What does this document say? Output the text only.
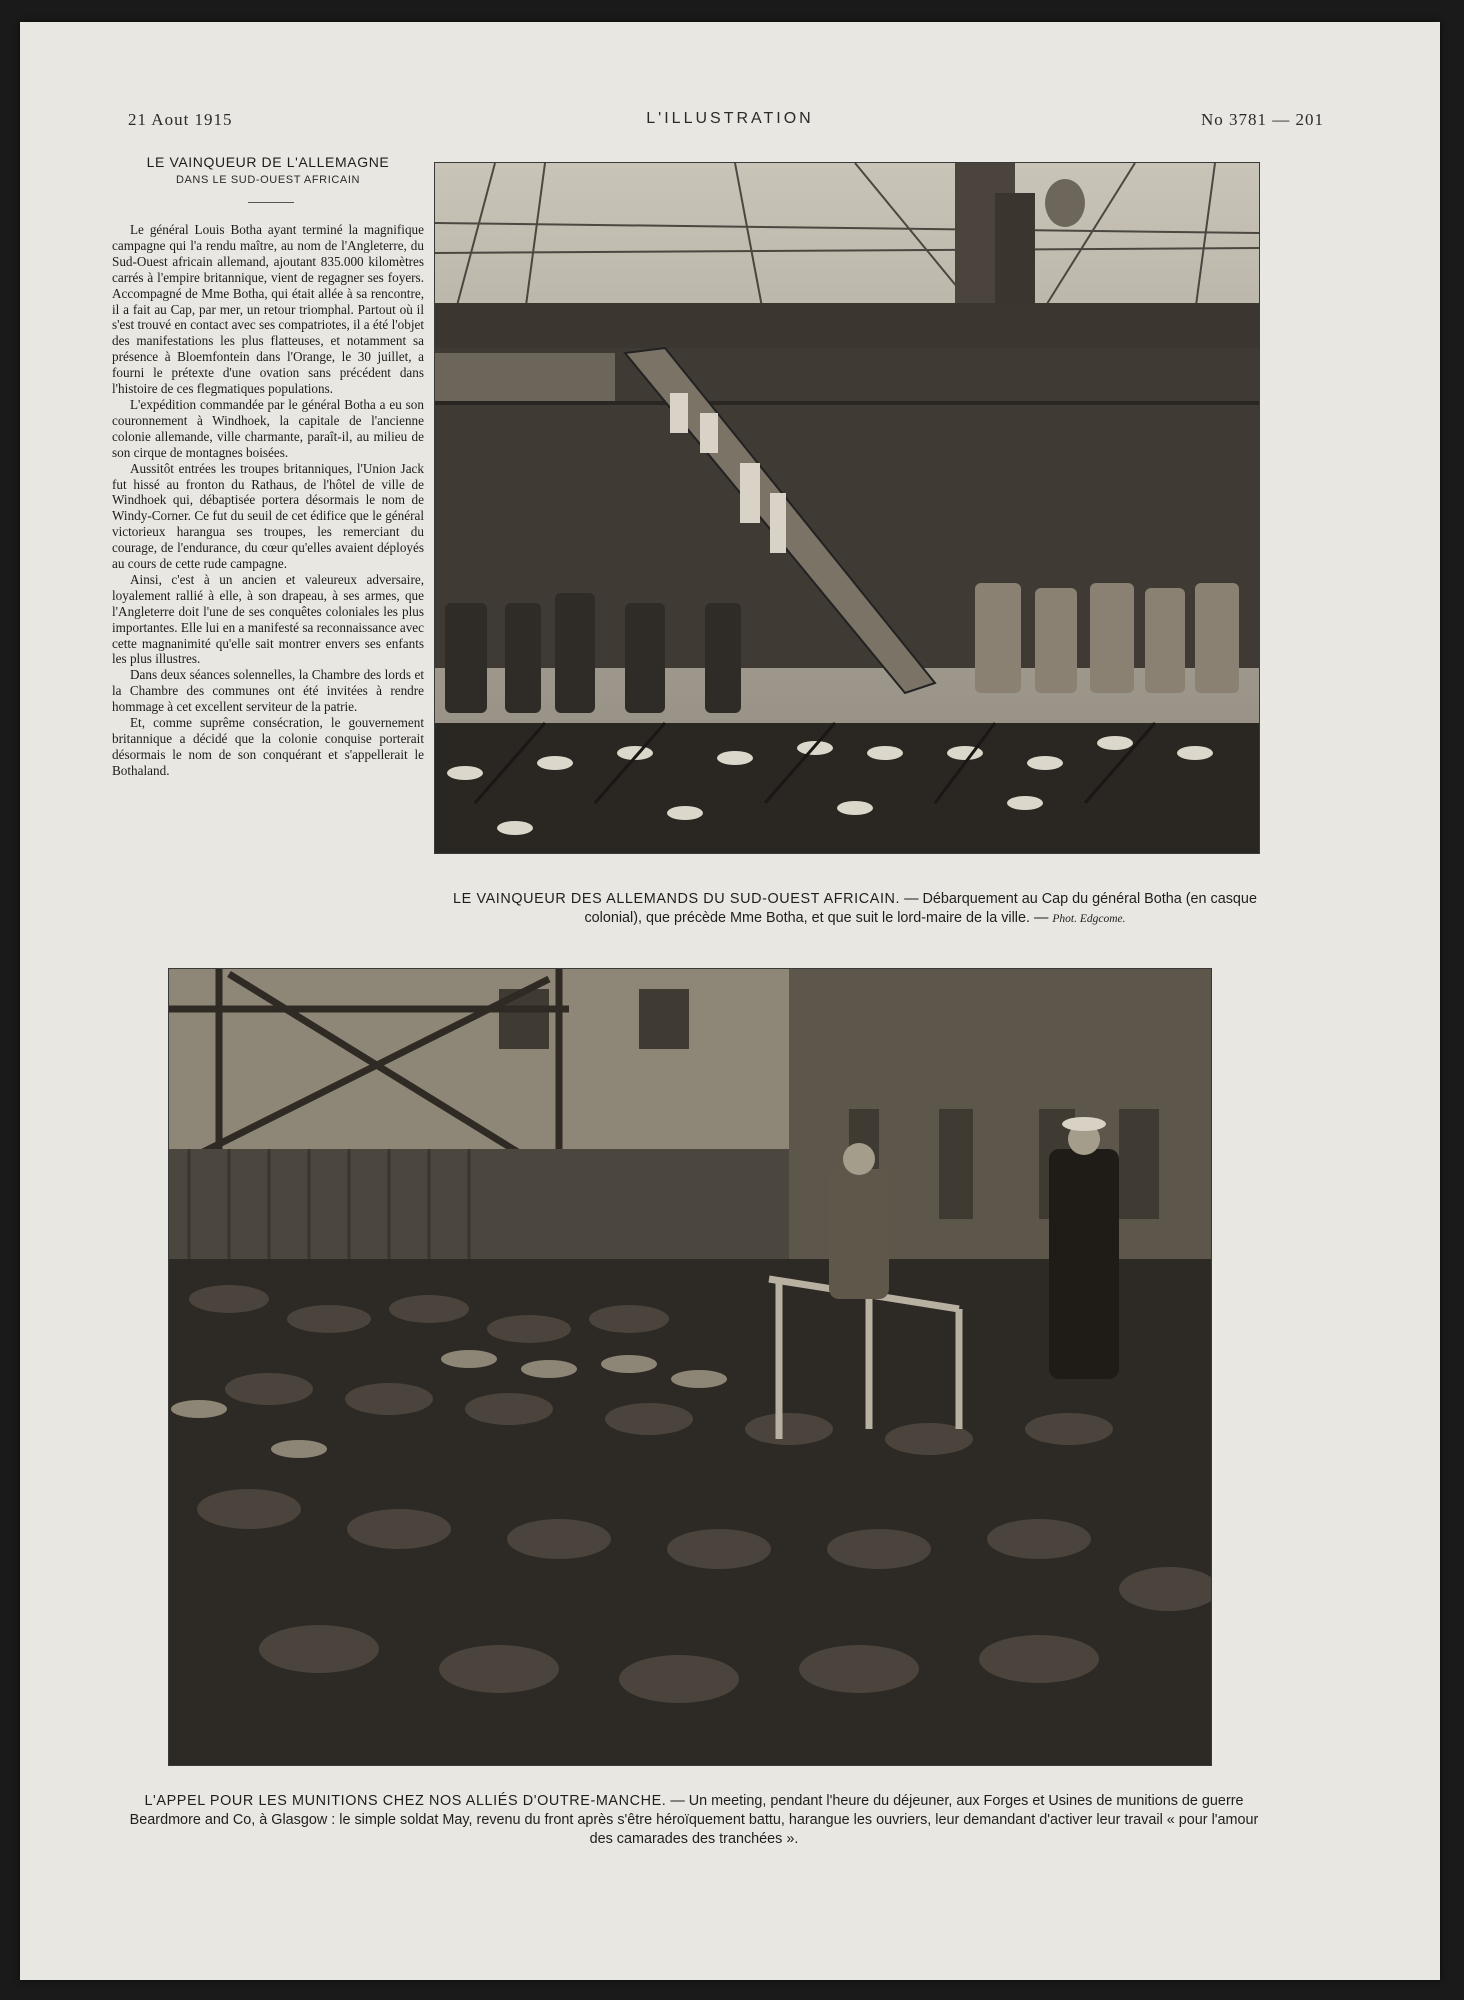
21 Aout 1915	L'ILLUSTRATION	No 3781 — 201
LE VAINQUEUR DE L'ALLEMAGNE
DANS LE SUD-OUEST AFRICAIN

Le général Louis Botha ayant terminé la magnifique campagne qui l'a rendu maître, au nom de l'Angleterre, du Sud-Ouest africain allemand, ajoutant 835.000 kilomètres carrés à l'empire britannique, vient de regagner ses foyers. Accompagné de Mme Botha, qui était allée à sa rencontre, il a fait au Cap, par mer, un retour triomphal. Partout où il s'est trouvé en contact avec ses compatriotes, il a été l'objet des manifestations les plus flatteuses, et notamment sa présence à Bloemfontein dans l'Orange, le 30 juillet, a fourni le prétexte d'une ovation sans précédent dans l'histoire de ces flegmatiques populations.

L'expédition commandée par le général Botha a eu son couronnement à Windhoek, la capitale de l'ancienne colonie allemande, ville charmante, paraît-il, au milieu de son cirque de montagnes boisées.

Aussitôt entrées les troupes britanniques, l'Union Jack fut hissé au fronton du Rathaus, de l'hôtel de ville de Windhoek qui, débaptisée portera désormais le nom de Windy-Corner. Ce fut du seuil de cet édifice que le général victorieux harangua ses troupes, les remerciant du courage, de l'endurance, du cœur qu'elles avaient déployés au cours de cette rude campagne.

Ainsi, c'est à un ancien et valeureux adversaire, loyalement rallié à elle, à son drapeau, à ses armes, que l'Angleterre doit l'une de ses conquêtes coloniales les plus importantes. Elle lui en a manifesté sa reconnaissance avec cette magnanimité qu'elle sait montrer envers ses enfants les plus illustres.

Dans deux séances solennelles, la Chambre des lords et la Chambre des communes ont été invitées à rendre hommage à cet excellent serviteur de la patrie.

Et, comme suprême consécration, le gouvernement britannique a décidé que la colonie conquise porterait désormais le nom de son conquérant et s'appellerait le Bothaland.

LE VAINQUEUR DES ALLEMANDS DU SUD-OUEST AFRICAIN. — Débarquement au Cap du général Botha (en casque colonial), que précède Mme Botha, et que suit le lord-maire de la ville. — Phot. Edgcome.
L'APPEL POUR LES MUNITIONS CHEZ NOS ALLIÉS D'OUTRE-MANCHE. — Un meeting, pendant l'heure du déjeuner, aux Forges et Usines de munitions de guerre Beardmore and Co, à Glasgow : le simple soldat May, revenu du front après s'être héroïquement battu, harangue les ouvriers, leur demandant d'activer leur travail « pour l'amour des camarades des tranchées ».
